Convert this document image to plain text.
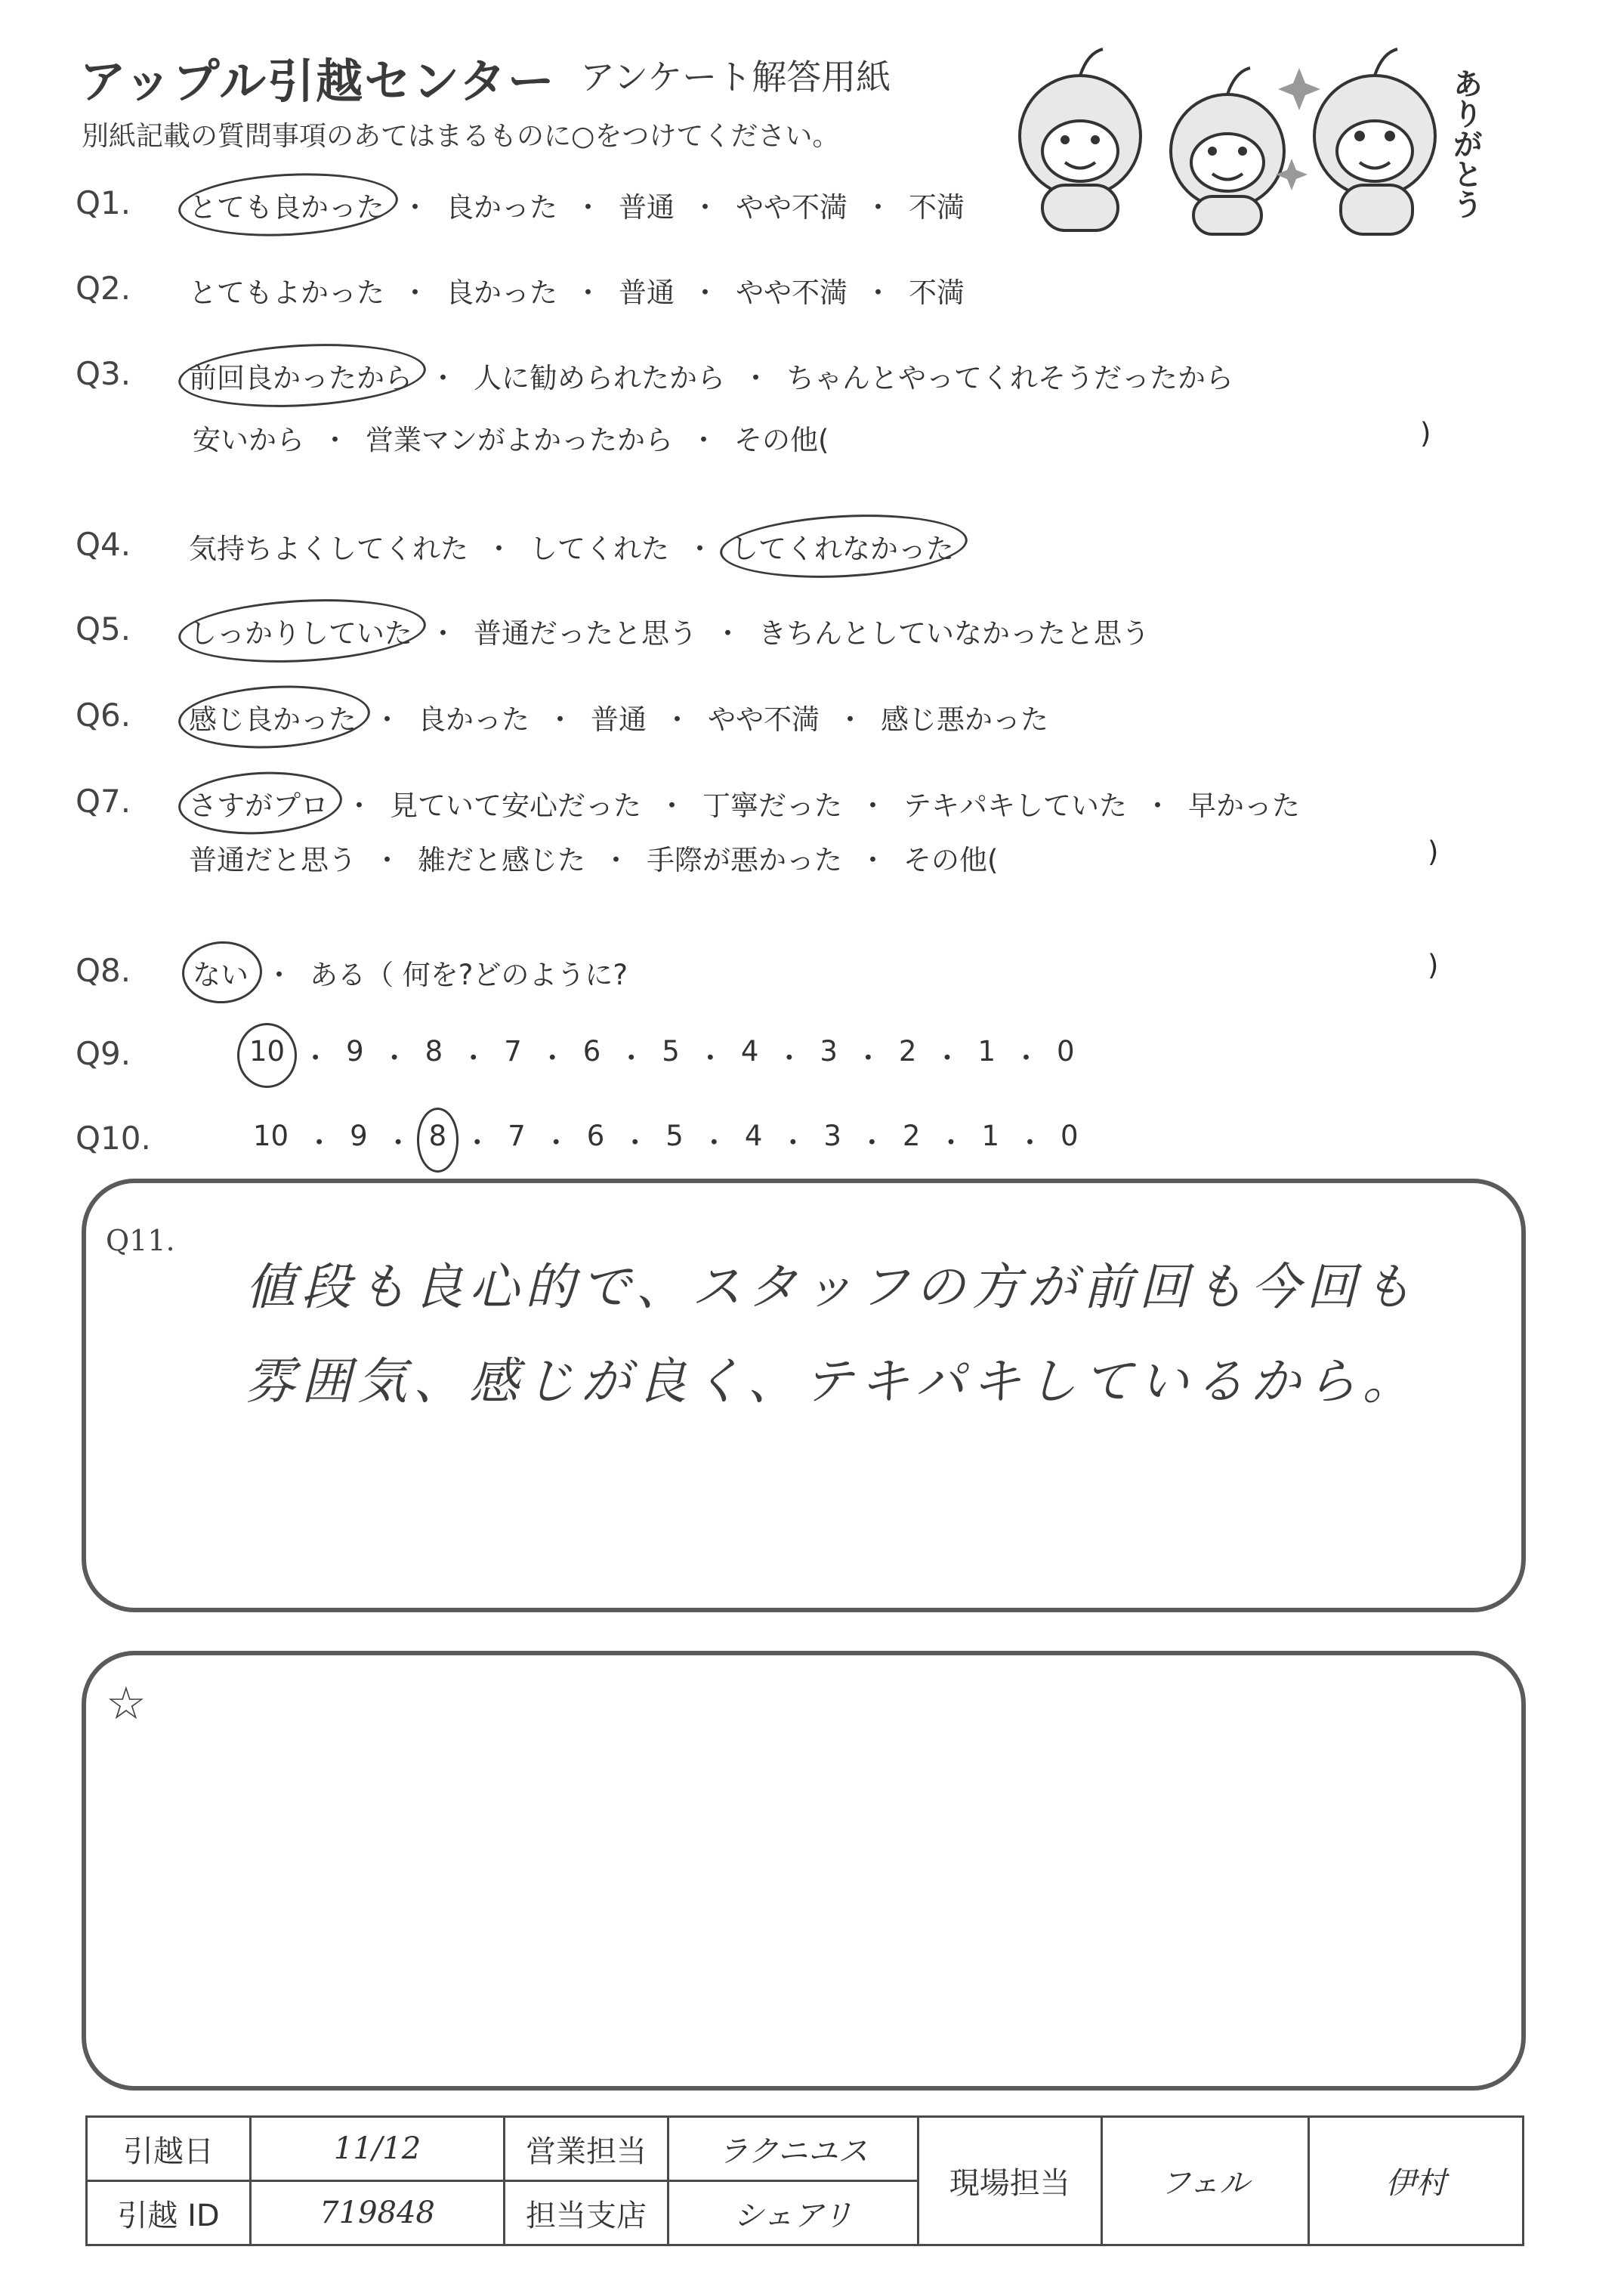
アップル引越センター アンケート解答用紙
別紙記載の質問事項のあてはまるものに○をつけてください。	ありがとう
Q1. とても良かった ・ 良かった ・ 普通 ・ やや不満 ・ 不満
Q2. とてもよかった ・ 良かった ・ 普通 ・ やや不満 ・ 不満
Q3. 前回良かったから ・ 人に勧められたから ・ ちゃんとやってくれそうだったから
安いから ・ 営業マンがよかったから ・ その他(	)
Q4. 気持ちよくしてくれた ・ してくれた ・ してくれなかった
Q5. しっかりしていた ・ 普通だったと思う ・ きちんとしていなかったと思う
Q6. 感じ良かった ・ 良かった ・ 普通 ・ やや不満 ・ 感じ悪かった
Q7. さすがプロ ・ 見ていて安心だった ・ 丁寧だった ・ テキパキしていた ・ 早かった
普通だと思う ・ 雑だと感じた ・ 手際が悪かった ・ その他(	)
Q8. ない ・ ある（ 何を?どのように?	)
Q9.	10 ・ 9 ・ 8 ・ 7 ・ 6 ・ 5 ・ 4 ・ 3 ・ 2 ・ 1 ・ 0
Q10.	10 ・ 9 ・ 8 ・ 7 ・ 6 ・ 5 ・ 4 ・ 3 ・ 2 ・ 1 ・ 0
Q11.
値段も良心的で、スタッフの方が前回も今回も
雰囲気、感じが良く、テキパキしているから。
☆
引越日	11/12	営業担当	ラクニユス	現場担当	フェル	伊村
引越 ID	719848	担当支店	シェアリ			
